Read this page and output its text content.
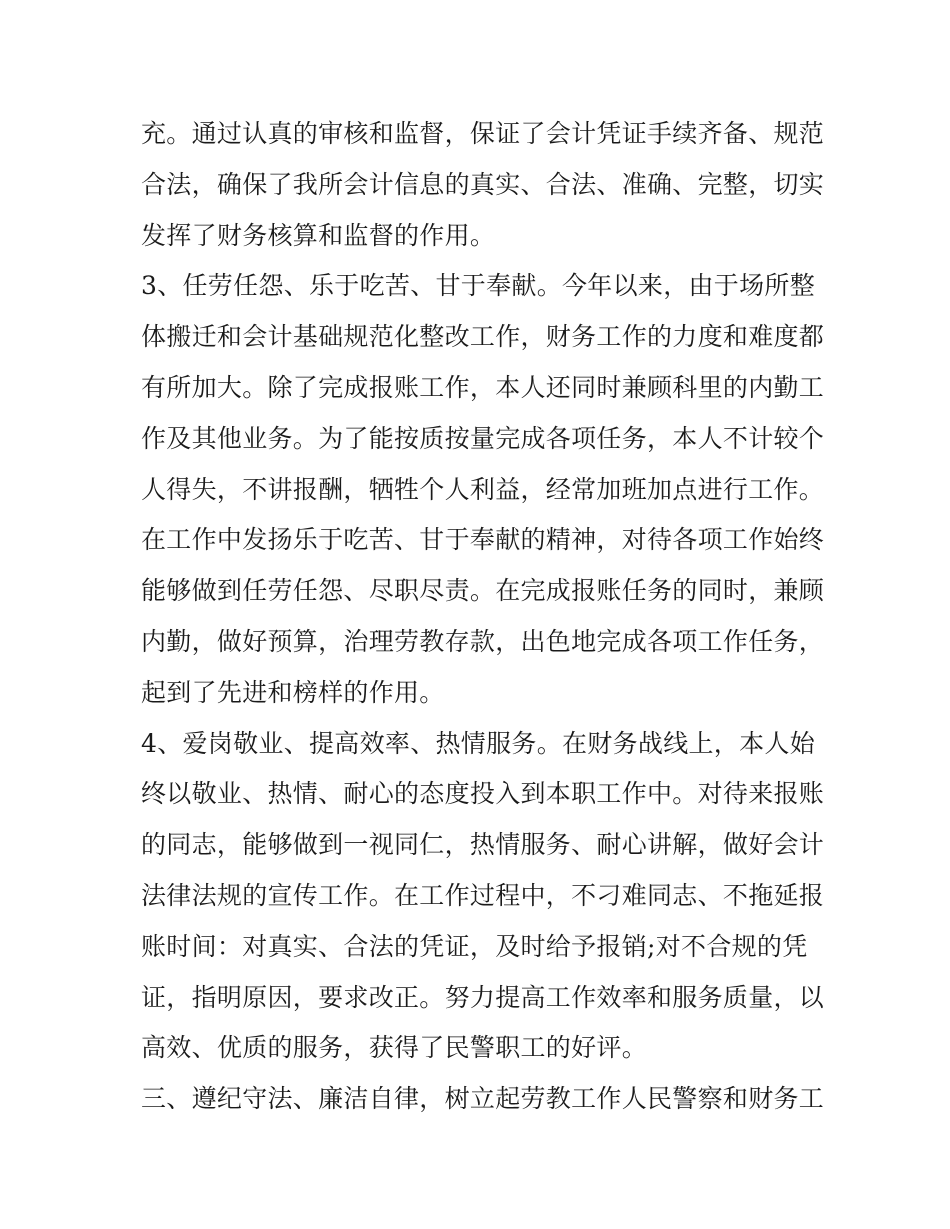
充。通过认真的审核和监督，保证了会计凭证手续齐备、规范
合法，确保了我所会计信息的真实、合法、准确、完整，切实
发挥了财务核算和监督的作用。
3、任劳任怨、乐于吃苦、甘于奉献。今年以来，由于场所整
体搬迁和会计基础规范化整改工作，财务工作的力度和难度都
有所加大。除了完成报账工作，本人还同时兼顾科里的内勤工
作及其他业务。为了能按质按量完成各项任务，本人不计较个
人得失，不讲报酬，牺牲个人利益，经常加班加点进行工作。
在工作中发扬乐于吃苦、甘于奉献的精神，对待各项工作始终
能够做到任劳任怨、尽职尽责。在完成报账任务的同时，兼顾
内勤，做好预算，治理劳教存款，出色地完成各项工作任务，
起到了先进和榜样的作用。
4、爱岗敬业、提高效率、热情服务。在财务战线上，本人始
终以敬业、热情、耐心的态度投入到本职工作中。对待来报账
的同志，能够做到一视同仁，热情服务、耐心讲解，做好会计
法律法规的宣传工作。在工作过程中，不刁难同志、不拖延报
账时间：对真实、合法的凭证，及时给予报销;对不合规的凭
证，指明原因，要求改正。努力提高工作效率和服务质量，以
高效、优质的服务，获得了民警职工的好评。
三、遵纪守法、廉洁自律，树立起劳教工作人民警察和财务工
